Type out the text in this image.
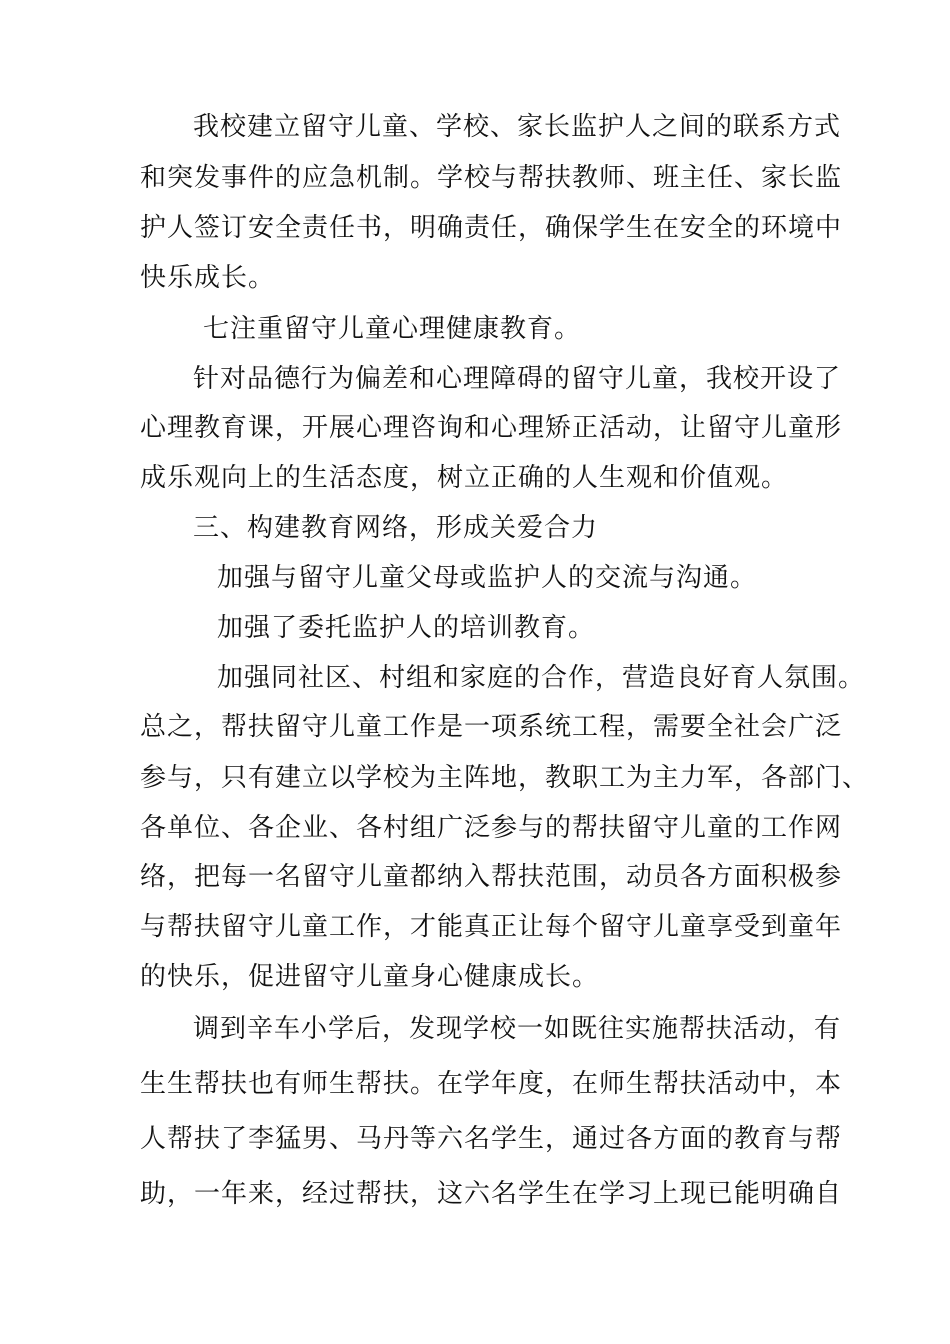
我校建立留守儿童、学校、家长监护人之间的联系方式
和突发事件的应急机制。学校与帮扶教师、班主任、家长监
护人签订安全责任书，明确责任，确保学生在安全的环境中
快乐成长。
七注重留守儿童心理健康教育。
针对品德行为偏差和心理障碍的留守儿童，我校开设了
心理教育课，开展心理咨询和心理矫正活动，让留守儿童形
成乐观向上的生活态度，树立正确的人生观和价值观。
三、构建教育网络，形成关爱合力
加强与留守儿童父母或监护人的交流与沟通。
加强了委托监护人的培训教育。
加强同社区、村组和家庭的合作，营造良好育人氛围。
总之，帮扶留守儿童工作是一项系统工程，需要全社会广泛
参与，只有建立以学校为主阵地，教职工为主力军，各部门、
各单位、各企业、各村组广泛参与的帮扶留守儿童的工作网
络，把每一名留守儿童都纳入帮扶范围，动员各方面积极参
与帮扶留守儿童工作，才能真正让每个留守儿童享受到童年
的快乐，促进留守儿童身心健康成长。
调到辛车小学后，发现学校一如既往实施帮扶活动，有
生生帮扶也有师生帮扶。在学年度，在师生帮扶活动中，本
人帮扶了李猛男、马丹等六名学生，通过各方面的教育与帮
助，一年来，经过帮扶，这六名学生在学习上现已能明确自
